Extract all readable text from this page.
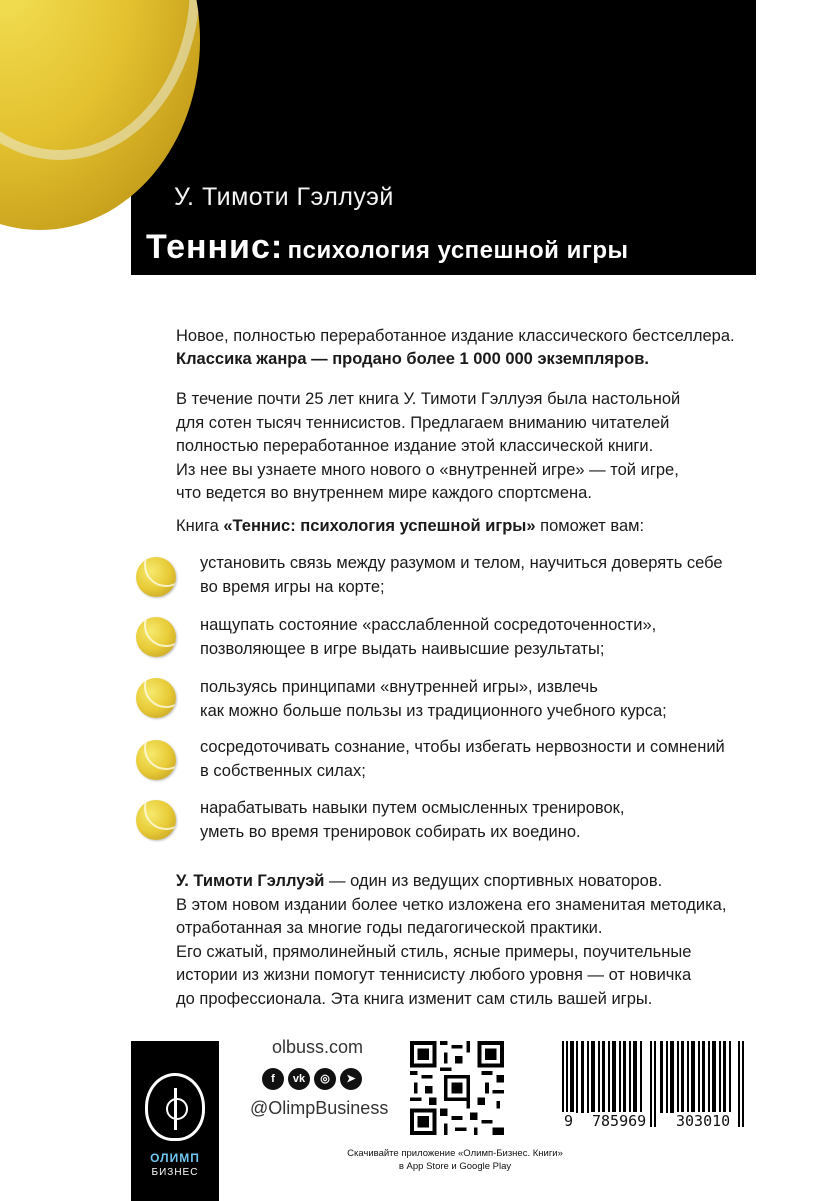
У. Тимоти Гэллуэй
Теннис: психология успешной игры
Новое, полностью переработанное издание классического бестселлера.
Классика жанра — продано более 1 000 000 экземпляров.
В течение почти 25 лет книга У. Тимоти Гэллуэя была настольной
для сотен тысяч теннисистов. Предлагаем вниманию читателей
полностью переработанное издание этой классической книги.
Из нее вы узнаете много нового о «внутренней игре» — той игре,
что ведется во внутреннем мире каждого спортсмена.
Книга «Теннис: психология успешной игры» поможет вам:
установить связь между разумом и телом, научиться доверять себе
во время игры на корте;
нащупать состояние «расслабленной сосредоточенности»,
позволяющее в игре выдать наивысшие результаты;
пользуясь принципами «внутренней игры», извлечь
как можно больше пользы из традиционного учебного курса;
сосредоточивать сознание, чтобы избегать нервозности и сомнений
в собственных силах;
нарабатывать навыки путем осмысленных тренировок,
уметь во время тренировок собирать их воедино.
У. Тимоти Гэллуэй — один из ведущих спортивных новаторов.
В этом новом издании более четко изложена его знаменитая методика,
отработанная за многие годы педагогической практики.
Его сжатый, прямолинейный стиль, ясные примеры, поучительные
истории из жизни помогут теннисисту любого уровня — от новичка
до профессионала. Эта книга изменит сам стиль вашей игры.
ОЛИМП
БИЗНЕС
olbuss.com
f	vk	◎	➤
@OlimpBusiness
9 785969 303010
Скачивайте приложение «Олимп-Бизнес. Книги»
в App Store и Google Play
